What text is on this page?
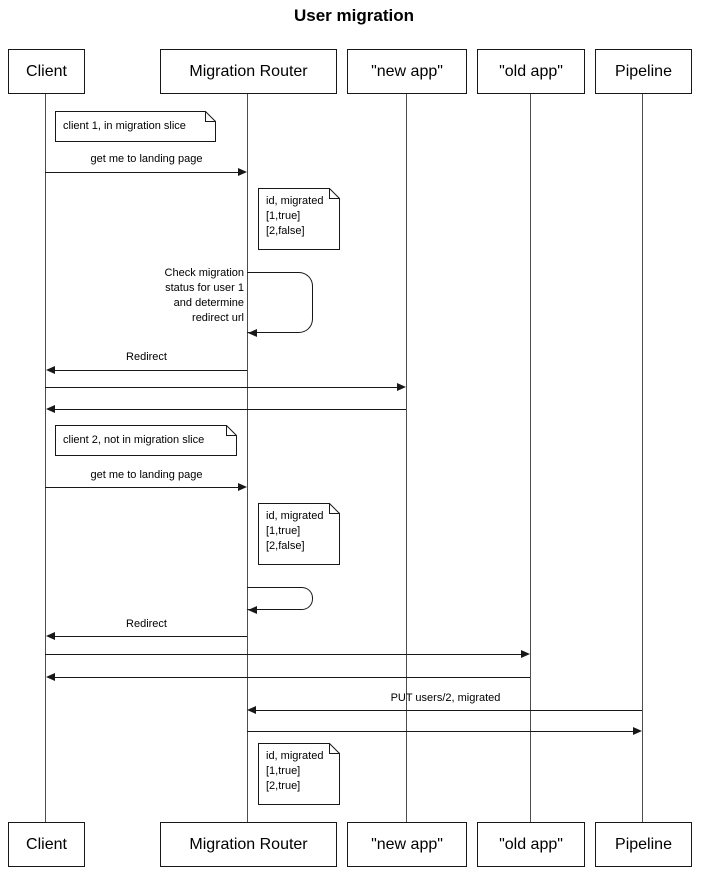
User migration
Client	Migration Router	"new app"	"old app"	Pipeline
client 1, in migration slice
get me to landing page
id, migrated
[1,true]
[2,false]
Check migration
status for user 1
and determine
redirect url
Redirect
client 2, not in migration slice
get me to landing page
id, migrated
[1,true]
[2,false]
Redirect
PUT users/2, migrated
id, migrated
[1,true]
[2,true]
Client	Migration Router	"new app"	"old app"	Pipeline
